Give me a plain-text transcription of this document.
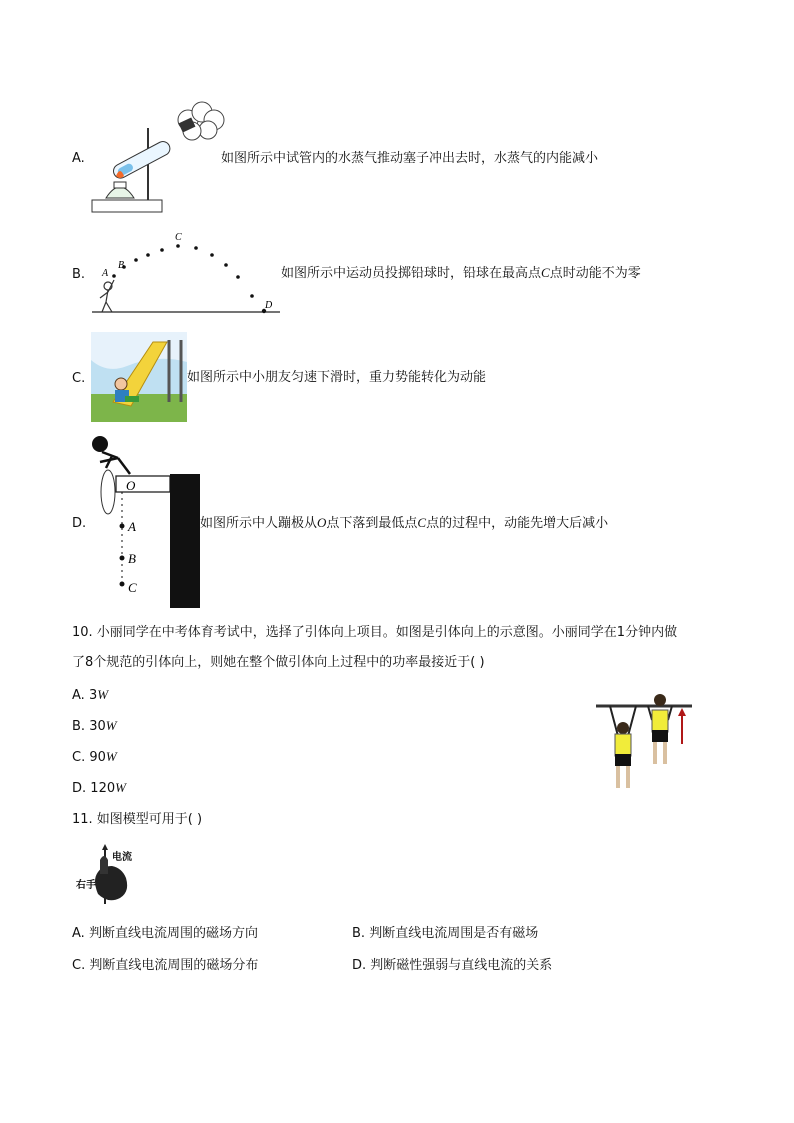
A.	如图所示中试管内的水蒸气推动塞子冲出去时，水蒸气的内能减小
B. A
B
C
D
如图所示中运动员投掷铅球时，铅球在最高点C点时动能不为零
C.	如图所示中小朋友匀速下滑时，重力势能转化为动能
D.
O
A
B
C
如图所示中人蹦极从O点下落到最低点C点的过程中，动能先增大后减小
10. 小丽同学在中考体育考试中，选择了引体向上项目。如图是引体向上的示意图。小丽同学在1分钟内做
了8个规范的引体向上，则她在整个做引体向上过程中的功率最接近于( )
A. 3W
B. 30W
C. 90W
D. 120W
11. 如图模型可用于( )
电流
右手
A. 判断直线电流周围的磁场方向	B. 判断直线电流周围是否有磁场
C. 判断直线电流周围的磁场分布	D. 判断磁性强弱与直线电流的关系
